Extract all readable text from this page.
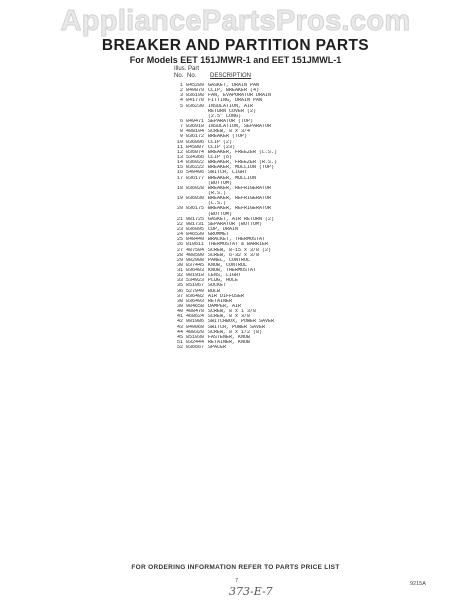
AppliancePartsPros.com
BREAKER AND PARTITION PARTS
For Models EET 151JMWR-1 and EET 151JMWL-1
Illus. Part
No. No. DESCRIPTION
1 845289 GASKET, DRAIN PAN
2 849879 CLIP, BREAKER (4)
3 836198 FAN, EVAPORATOR DRAIN
4 841770 FITTING, DRAIN PAN
5 836230 INSULATION, AIR
RETURN COVER (2)
(2.5" LONG)
6 849471 SEPARATOR (TOP)
7 836918 INSULATION, SEPARATOR
8 488194 SCREW, 8 x 3/4
9 836172 BREAKER (TOP)
10 836096 CLIP (2)
11 845807 CLIP (23)
12 836074 BREAKER, FREEZER (L.S.)
13 534366 CLIP (6)
14 836022 BREAKER, FREEZER (R.S.)
15 836222 BREAKER, MULLION (TOP)
16 549496 SWITCH, LIGHT
17 836177 BREAKER, MULLION
(BOTTOM)
18 836028 BREAKER, REFRIGERATOR
(R.S.)
19 836030 BREAKER, REFRIGERATOR
(L.S.)
20 836175 BREAKER, REFRIGERATOR
(BOTTOM)
21 981725 GASKET, AIR RETURN (2)
22 981731 SEPARATOR (BOTTOM)
23 836095 CUP, DRAIN
24 846539 GROMMET
25 848449 BRACKET, THERMOSTAT
26 810611 THERMOSTAT & BARRIER
27 487584 SCREW, 8-15 x 3/8 (2)
28 488500 SCREW, 6-32 x 3/8
29 982908 PANEL, CONTROL
30 837445 KNOB, CONTROL
31 836483 KNOB, THERMOSTAT
32 981910 LENS, LIGHT
33 534923 PLUG, HOLE
35 851067 SOCKET
36 527949 BULB
37 836482 AIR DIFFUSER
38 836493 RETAINER
39 984658 DAMPER, AIR
40 488478 SCREW, 8 x 1 3/8
41 468624 SCREW, 8 x 3/8
42 981986 SWITCHBOX, POWER SAVER
43 849069 SWITCH, POWER SAVER
44 488320 SCREW, 8 x 1/2 (8)
45 851030 FASTENER, KNOB
51 832444 RETAINER, KNOB
52 836667 SPACER
FOR ORDERING INFORMATION REFER TO PARTS PRICE LIST
7	9215A
373-E-7
